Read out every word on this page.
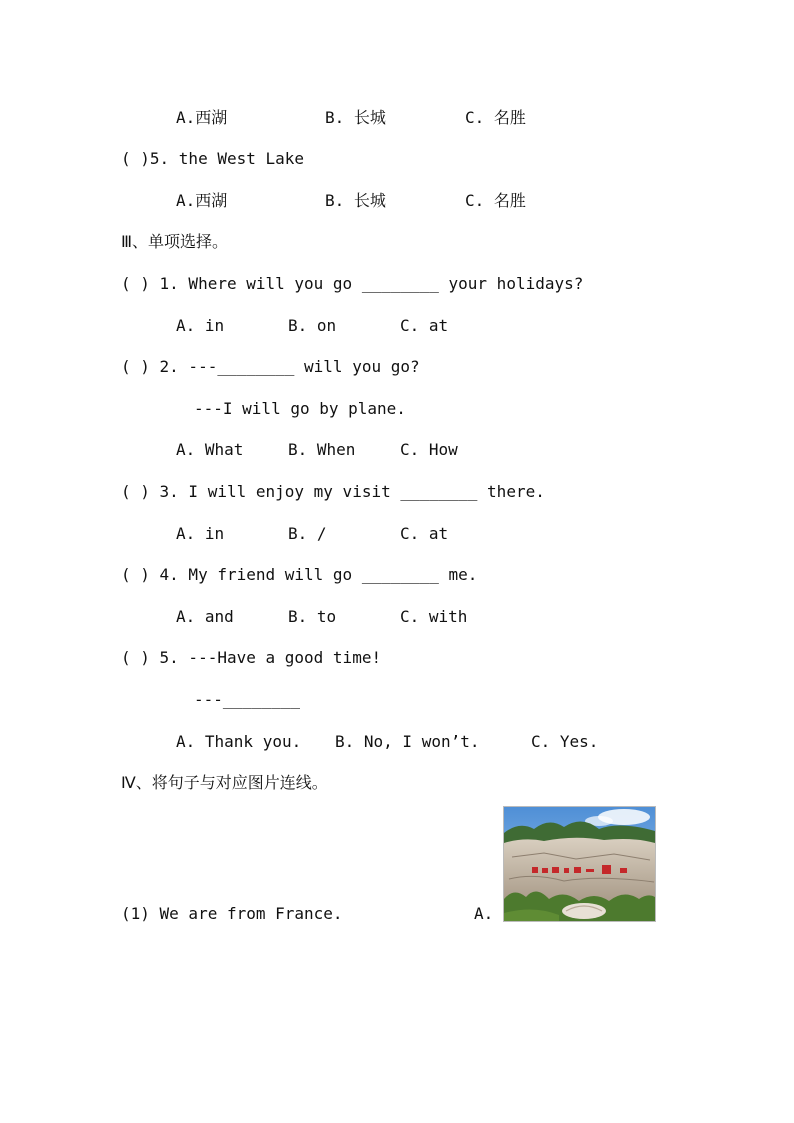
A.西湖	B. 长城	C. 名胜
( )5. the West Lake
A.西湖	B. 长城	C. 名胜
Ⅲ、单项选择。
( ) 1. Where will you go ________ your holidays?
A. in	B. on	C. at
( ) 2. ---________ will you go?
---I will go by plane.
A. What	B. When	C. How
( ) 3. I will enjoy my visit ________ there.
A. in	B. /	C. at
( ) 4. My friend will go ________ me.
A. and	B. to	C. with
( ) 5. ---Have a good time!
---________
A. Thank you. B. No, I won’t.	C. Yes.
Ⅳ、将句子与对应图片连线。
(1) We are from France.	A.
